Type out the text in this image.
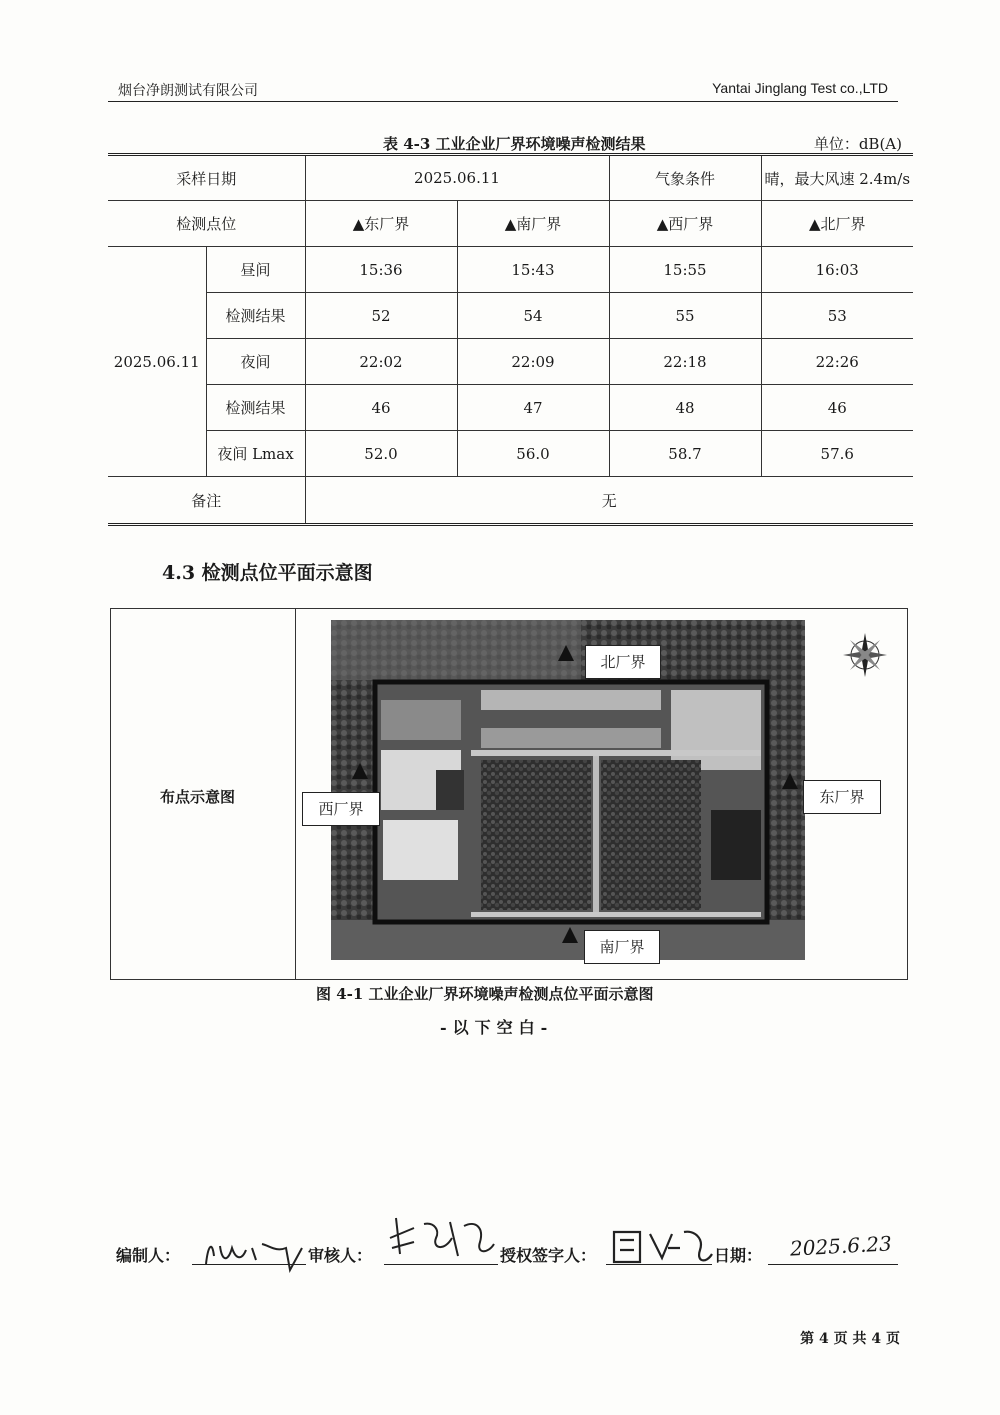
烟台净朗测试有限公司	Yantai Jinglang Test co.,LTD
表 4-3 工业企业厂界环境噪声检测结果	单位：dB(A)
采样日期		2025.06.11		气象条件	晴，最大风速 2.4m/s
检测点位		▲东厂界	▲南厂界	▲西厂界	▲北厂界
2025.06.11	昼间	15:36	15:43	15:55	16:03
	检测结果	52	54	55	53
	夜间	22:02	22:09	22:18	22:26
	检测结果	46	47	48	46
	夜间 Lmax	52.0	56.0	58.7	57.6
备注		无			
4.3 检测点位平面示意图
布点示意图
北厂界
南厂界
西厂界
东厂界
图 4-1 工业企业厂界环境噪声检测点位平面示意图
-以下空白-
编制人：	审核人：	授权签字人：	日期： 2025.6.23
第 4 页 共 4 页
